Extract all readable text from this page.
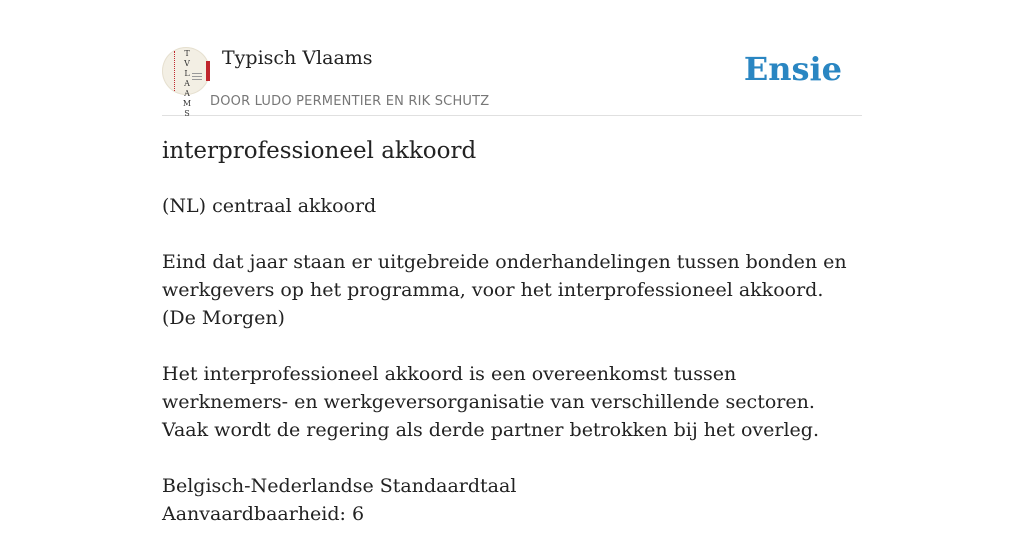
T
V
L
A
A
M
S
Typisch Vlaams
DOOR LUDO PERMENTIER EN RIK SCHUTZ
Ensie
interprofessioneel akkoord

(NL) centraal akkoord

Eind dat jaar staan er uitgebreide onderhandelingen tussen bonden en werkgevers op het programma, voor het interprofessioneel akkoord.
(De Morgen)

Het interprofessioneel akkoord is een overeenkomst tussen werknemers- en werkgeversorganisatie van verschillende sectoren. Vaak wordt de regering als derde partner betrokken bij het overleg.

Belgisch-Nederlandse Standaardtaal
Aanvaardbaarheid: 6
